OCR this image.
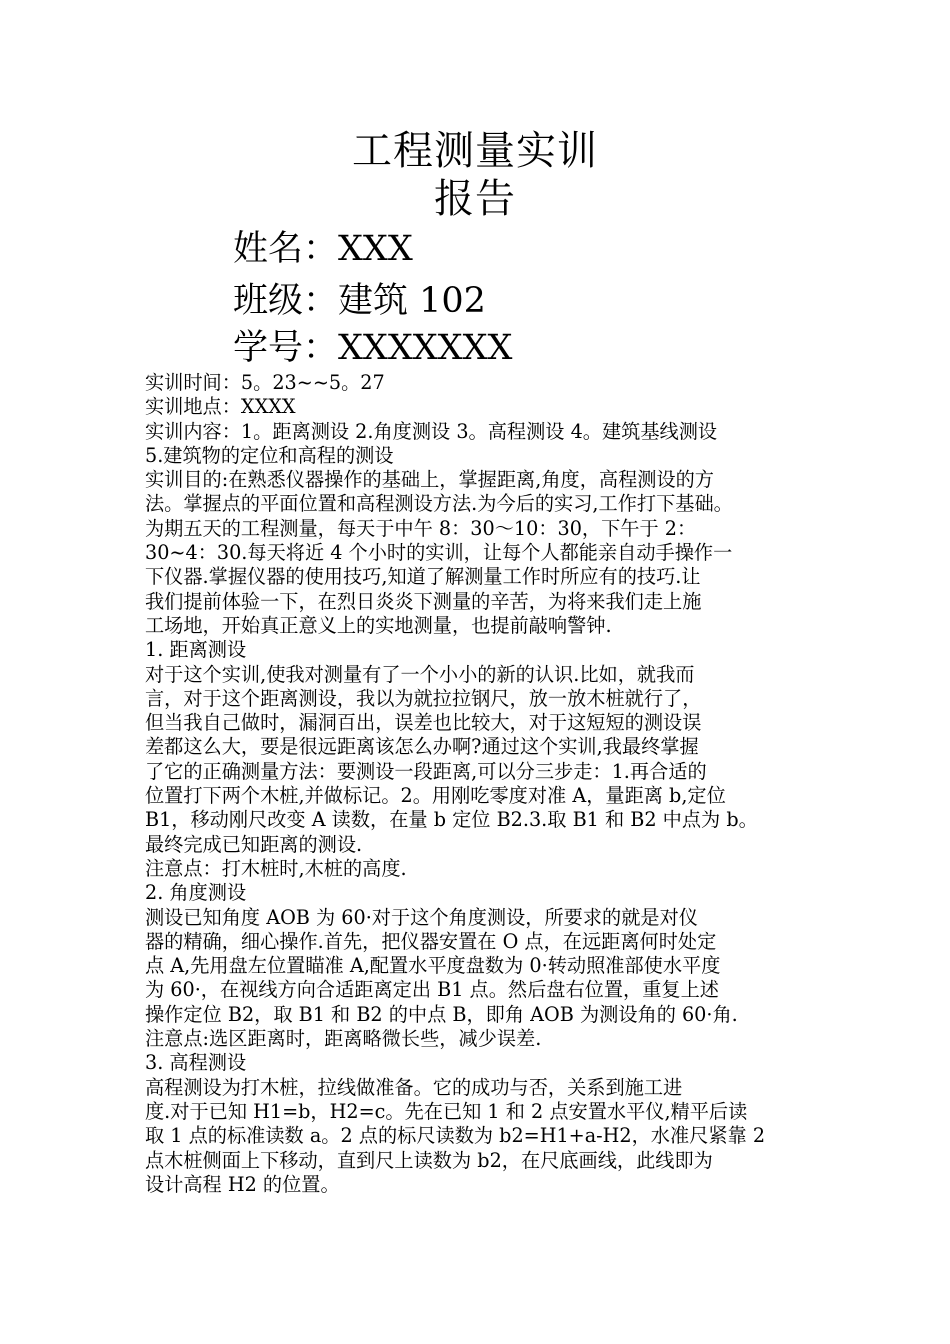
工程测量实训
报告
姓名：XXX
班级：建筑 102
学号：XXXXXXX
实训时间：5。23~~5。27
实训地点：XXXX
实训内容：1。距离测设 2.角度测设 3。高程测设 4。建筑基线测设
5.建筑物的定位和高程的测设
实训目的:在熟悉仪器操作的基础上，掌握距离,角度，高程测设的方
法。掌握点的平面位置和高程测设方法.为今后的实习,工作打下基础。
为期五天的工程测量，每天于中午 8：30～10：30，下午于 2：
30~4：30.每天将近 4 个小时的实训，让每个人都能亲自动手操作一
下仪器.掌握仪器的使用技巧,知道了解测量工作时所应有的技巧.让
我们提前体验一下，在烈日炎炎下测量的辛苦，为将来我们走上施
工场地，开始真正意义上的实地测量，也提前敲响警钟.
1. 距离测设
对于这个实训,使我对测量有了一个小小的新的认识.比如，就我而
言，对于这个距离测设，我以为就拉拉钢尺，放一放木桩就行了，
但当我自己做时，漏洞百出，误差也比较大，对于这短短的测设误
差都这么大，要是很远距离该怎么办啊?通过这个实训,我最终掌握
了它的正确测量方法：要测设一段距离,可以分三步走：1.再合适的
位置打下两个木桩,并做标记。2。用刚吃零度对准 A，量距离 b,定位
B1，移动刚尺改变 A 读数，在量 b 定位 B2.3.取 B1 和 B2 中点为 b。
最终完成已知距离的测设.
注意点：打木桩时,木桩的高度.
2. 角度测设
测设已知角度 AOB 为 60·对于这个角度测设，所要求的就是对仪
器的精确，细心操作.首先，把仪器安置在 O 点，在远距离何时处定
点 A,先用盘左位置瞄准 A,配置水平度盘数为 0·转动照准部使水平度
为 60·，在视线方向合适距离定出 B1 点。然后盘右位置，重复上述
操作定位 B2，取 B1 和 B2 的中点 B，即角 AOB 为测设角的 60·角.
注意点:选区距离时，距离略微长些，减少误差.
3. 高程测设
高程测设为打木桩，拉线做准备。它的成功与否，关系到施工进
度.对于已知 H1=b，H2=c。先在已知 1 和 2 点安置水平仪,精平后读
取 1 点的标准读数 a。2 点的标尺读数为 b2=H1+a-H2，水准尺紧靠 2
点木桩侧面上下移动，直到尺上读数为 b2，在尺底画线，此线即为
设计高程 H2 的位置。
